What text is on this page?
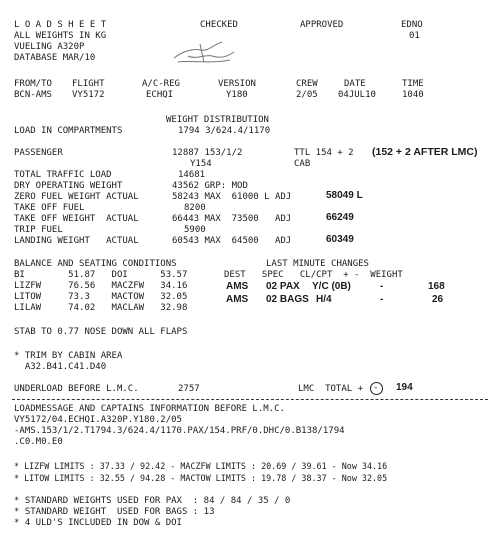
L O A D S H E E T	CHECKED	APPROVED	EDNO
ALL WEIGHTS IN KG	01
VUELING A320P
DATABASE MAR/10
FROM/TO FLIGHT	A/C-REG	VERSION	CREW	DATE	TIME
BCN-AMS VY5172	ECHQI	Y180	2/05 04JUL10	1040
WEIGHT DISTRIBUTION
LOAD IN COMPARTMENTS	1794 3/624.4/1170
PASSENGER	12887 153/1/2	TTL 154 + 2 (152 + 2 AFTER LMC)
Y154	CAB
TOTAL TRAFFIC LOAD	14681
DRY OPERATING WEIGHT	43562 GRP: MOD
ZERO FUEL WEIGHT ACTUAL	58243 MAX  61000 L ADJ	58049 L
TAKE OFF FUEL	8200
TAKE OFF WEIGHT  ACTUAL	66443 MAX  73500   ADJ	66249
TRIP FUEL	5900
LANDING WEIGHT   ACTUAL	60543 MAX  64500   ADJ	60349
BALANCE AND SEATING CONDITIONS
BI        51.87   DOI      53.57
LIZFW     76.56   MACZFW   34.16
LITOW     73.3    MACTOW   32.05
LILAW     74.02   MACLAW   32.98
LAST MINUTE CHANGES
DEST   SPEC   CL/CPT  + -  WEIGHT
AMS 02 PAX Y/C (0B)	-	168
AMS 02 BAGS H/4	-	26
STAB TO 0.77 NOSE DOWN ALL FLAPS
* TRIM BY CABIN AREA
A32.B41.C41.D40
UNDERLOAD BEFORE L.M.C.	2757	LMC  TOTAL + - 194
LOADMESSAGE AND CAPTAINS INFORMATION BEFORE L.M.C.
VY5172/04.ECHQI.A320P.Y180.2/05
-AMS.153/1/2.T1794.3/624.4/1170.PAX/154.PRF/0.DHC/0.B138/1794
.C0.M0.E0
* LIZFW LIMITS : 37.33 / 92.42 - MACZFW LIMITS : 20.69 / 39.61 - Now 34.16
* LITOW LIMITS : 32.55 / 94.28 - MACTOW LIMITS : 19.78 / 38.37 - Now 32.05
* STANDARD WEIGHTS USED FOR PAX  : 84 / 84 / 35 / 0
* STANDARD WEIGHT  USED FOR BAGS : 13
* 4 ULD'S INCLUDED IN DOW & DOI
